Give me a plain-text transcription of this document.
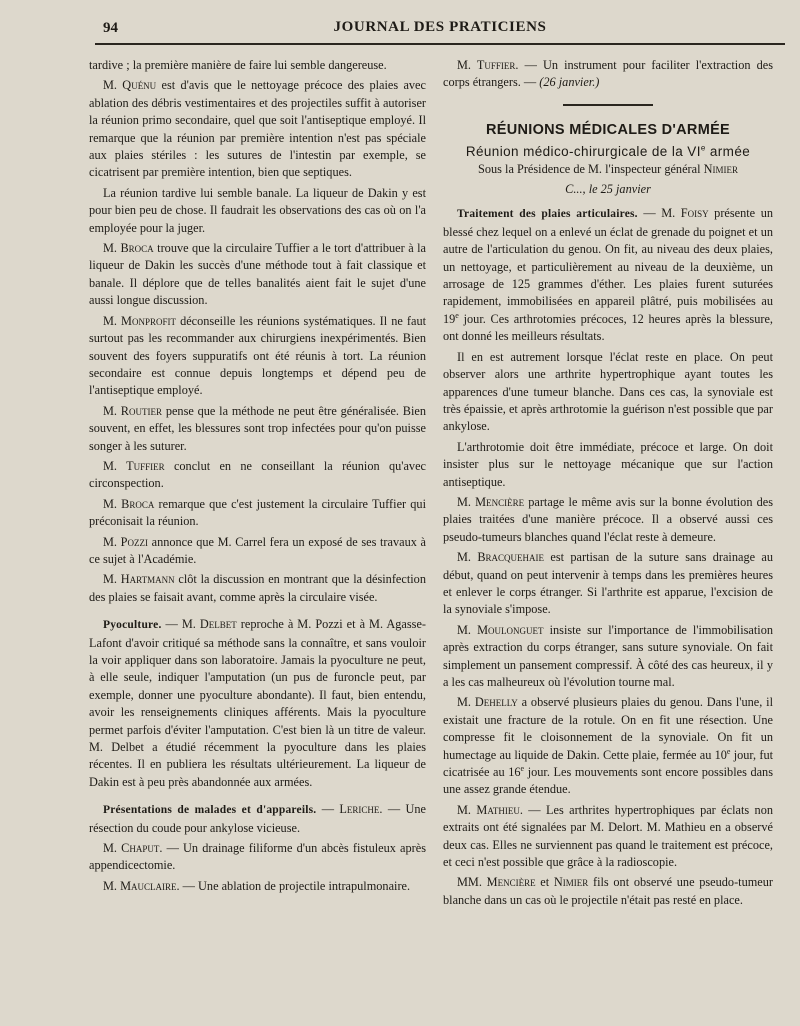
94	JOURNAL DES PRATICIENS

tardive ; la première manière de faire lui semble dangereuse.

M. Quénu est d'avis que le nettoyage précoce des plaies avec ablation des débris vestimentaires et des projectiles suffit à autoriser la réunion primo secondaire, quel que soit l'antiseptique employé. Il remarque que la réunion par première intention n'est pas spéciale aux plaies stériles : les sutures de l'intestin par exemple, se cicatrisent par première intention, bien que septiques.

La réunion tardive lui semble banale. La liqueur de Dakin y est pour bien peu de chose. Il faudrait les observations des cas où on l'a employée pour la juger.

M. Broca trouve que la circulaire Tuffier a le tort d'attribuer à la liqueur de Dakin les succès d'une méthode tout à fait classique et banale. Il déplore que de telles banalités aient fait le sujet d'une aussi longue discussion.

M. Monprofit déconseille les réunions systématiques. Il ne faut surtout pas les recommander aux chirurgiens inexpérimentés. Bien souvent des foyers suppuratifs ont été réunis à tort. La réunion secondaire est connue depuis longtemps et dépend peu de l'antiseptique employé.

M. Routier pense que la méthode ne peut être généralisée. Bien souvent, en effet, les blessures sont trop infectées pour qu'on puisse songer à les suturer.

M. Tuffier conclut en ne conseillant la réunion qu'avec circonspection.

M. Broca remarque que c'est justement la circulaire Tuffier qui préconisait la réunion.

M. Pozzi annonce que M. Carrel fera un exposé de ses travaux à ce sujet à l'Académie.

M. Hartmann clôt la discussion en montrant que la désinfection des plaies se faisait avant, comme après la circulaire visée.

Pyoculture. — M. Delbet reproche à M. Pozzi et à M. Agasse-Lafont d'avoir critiqué sa méthode sans la connaître, et sans vouloir la voir appliquer dans son laboratoire. Jamais la pyoculture ne peut, à elle seule, indiquer l'amputation (un pus de furoncle peut, par exemple, donner une pyoculture abondante). Il faut, bien entendu, avoir les renseignements cliniques afférents. Mais la pyoculture permet parfois d'éviter l'amputation. C'est bien là un titre de valeur. M. Delbet a étudié récemment la pyoculture dans les plaies récentes. Il en publiera les résultats ultérieurement. La liqueur de Dakin est à peu près abandonnée aux armées.

Présentations de malades et d'appareils. — Leriche. — Une résection du coude pour ankylose vicieuse.

M. Chaput. — Un drainage filiforme d'un abcès fistuleux après appendicectomie.

M. Mauclaire. — Une ablation de projectile intrapulmonaire.

M. Tuffier. — Un instrument pour faciliter l'extraction des corps étrangers. — (26 janvier.)

RÉUNIONS MÉDICALES D'ARMÉE
Réunion médico-chirurgicale de la VIe armée
Sous la Présidence de M. l'inspecteur général Nimier
C..., le 25 janvier

Traitement des plaies articulaires. — M. Foisy présente un blessé chez lequel on a enlevé un éclat de grenade du poignet et un autre de l'articulation du genou. On fit, au niveau des deux plaies, un nettoyage, et particulièrement au niveau de la deuxième, un arrosage de 125 grammes d'éther. Les plaies furent suturées rapidement, immobilisées en appareil plâtré, puis mobilisées au 19e jour. Ces arthrotomies précoces, 12 heures après la blessure, ont donné les meilleurs résultats.

Il en est autrement lorsque l'éclat reste en place. On peut observer alors une arthrite hypertrophique ayant toutes les apparences d'une tumeur blanche. Dans ces cas, la synoviale est très épaissie, et après arthrotomie la guérison n'est possible que par ankylose.

L'arthrotomie doit être immédiate, précoce et large. On doit insister plus sur le nettoyage mécanique que sur l'action antiseptique.

M. Mencière partage le même avis sur la bonne évolution des plaies traitées d'une manière précoce. Il a observé aussi ces pseudo-tumeurs blanches quand l'éclat reste à demeure.

M. Bracquehaie est partisan de la suture sans drainage au début, quand on peut intervenir à temps dans les premières heures et enlever le corps étranger. Si l'arthrite est apparue, l'excision de la synoviale s'impose.

M. Moulonguet insiste sur l'importance de l'immobilisation après extraction du corps étranger, sans suture synoviale. On fait simplement un pansement compressif. À côté des cas heureux, il y a les cas malheureux où l'évolution tourne mal.

M. Dehelly a observé plusieurs plaies du genou. Dans l'une, il existait une fracture de la rotule. On en fit une résection. Une compresse fit le cloisonnement de la synoviale. On fit un humectage au liquide de Dakin. Cette plaie, fermée au 10e jour, fut cicatrisée au 16e jour. Les mouvements sont encore possibles dans une assez grande étendue.

M. Mathieu. — Les arthrites hypertrophiques par éclats non extraits ont été signalées par M. Delort. M. Mathieu en a observé deux cas. Elles ne surviennent pas quand le traitement est précoce, et ceci n'est possible que grâce à la radioscopie.

MM. Mencière et Nimier fils ont observé une pseudo-tumeur blanche dans un cas où le projectile n'était pas resté en place.
